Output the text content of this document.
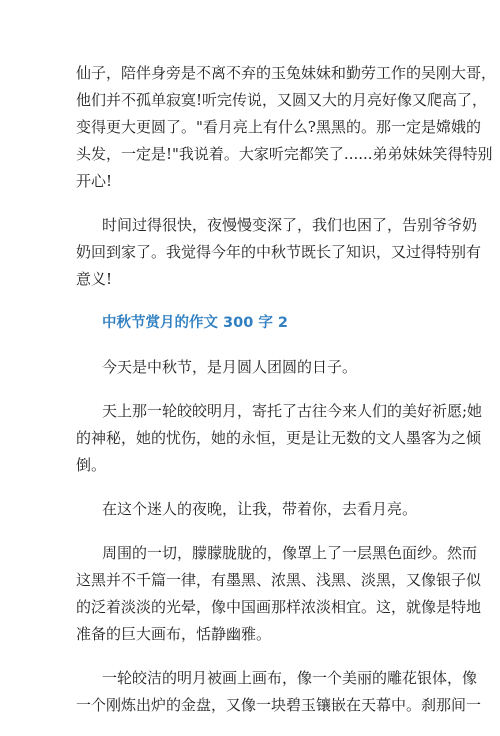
仙子，陪伴身旁是不离不弃的玉兔妹妹和勤劳工作的吴刚大哥，
他们并不孤单寂寞!听完传说，又圆又大的月亮好像又爬高了，
变得更大更圆了。"看月亮上有什么?黑黑的。那一定是嫦娥的
头发，一定是!"我说着。大家听完都笑了......弟弟妹妹笑得特别
开心!
时间过得很快，夜慢慢变深了，我们也困了，告别爷爷奶
奶回到家了。我觉得今年的中秋节既长了知识，又过得特别有
意义!
中秋节赏月的作文 300 字 2
今天是中秋节，是月圆人团圆的日子。
天上那一轮皎皎明月，寄托了古往今来人们的美好祈愿;她
的神秘，她的忧伤，她的永恒，更是让无数的文人墨客为之倾
倒。
在这个迷人的夜晚，让我，带着你，去看月亮。
周围的一切，朦朦胧胧的，像罩上了一层黑色面纱。然而
这黑并不千篇一律，有墨黑、浓黑、浅黑、淡黑，又像银子似
的泛着淡淡的光晕，像中国画那样浓淡相宜。这，就像是特地
准备的巨大画布，恬静幽雅。
一轮皎洁的明月被画上画布，像一个美丽的雕花银体，像
一个刚炼出炉的金盘，又像一块碧玉镶嵌在天幕中。刹那间一
